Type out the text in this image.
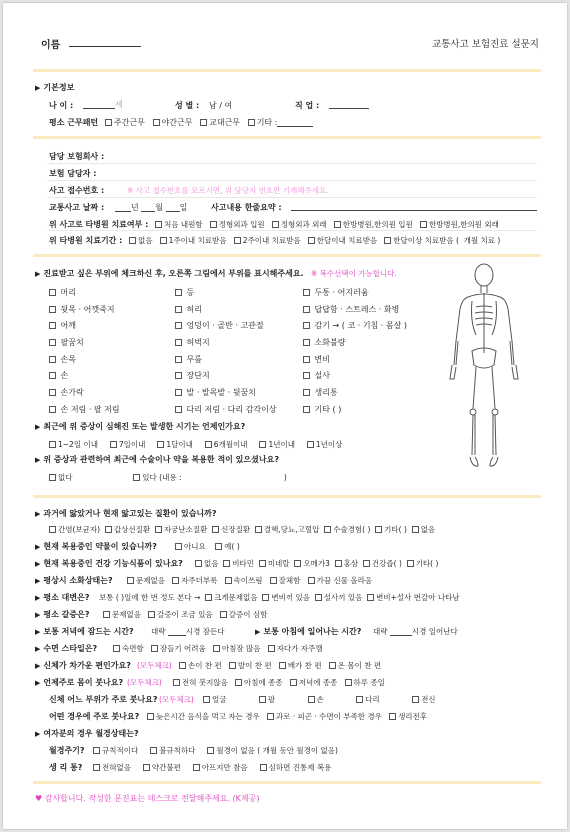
이름	교통사고 보험진료 설문지
▶ 기본정보
나 이 :	세	성 별 : 남 / 여	직 업 :
평소 근무패턴	주간근무 야간근무 교대근무 기타 :
담당 보험회사 :
보험 담당자 :
사고 접수번호 :	※ 사고 접수번호를 모르시면, 위 담당자 번호만 기재해주세요.
교통사고 날짜 :	년 월 일	사고내용 한줄요약 :
위 사고로 타병원 치료여부 :	처음 내원함 정형외과 입원 정형외과 외래 한방병원,한의원 입원 한방병원,한의원 외래
위 타병원 치료기간 :	없음 1주이내 치료받음 2주이내 치료받음 한달이내 치료받음 한달이상 치료받음 ( 개월 치료 )
▶ 진료받고 싶은 부위에 체크하신 후, 오른쪽 그림에서 부위를 표시해주세요. ※ 복수선택이 가능합니다.
머리
뒷목 · 어깻죽지
어깨
팔꿈치
손목
손
손가락
손 저림 · 팔 저림
등
허리
엉덩이 · 골반 · 고관절
허벅지
무릎
장단지
발 · 발목발 · 뒷꿈치
다리 저림 · 다리 감각이상
두통 · 어지러움
답답함 · 스트레스 · 화병
감기 → ( 코 · 기침 · 몸살 )
소화불량
변비
설사
생리통
기타 ( )
▶ 최근에 위 증상이 심해진 또는 발생한 시기는 언제인가요?
1~2일 이내	7일이내	1달이내	6개월이내	1년이내	1년이상
▶ 위 증상과 관련하여 최근에 수술이나 약을 복용한 적이 있으셨나요?
없다	있다 (내용 :	)
▶ 과거에 앓았거나 현재 앓고있는 질환이 있습니까?
간염(보균자) 갑상선질환 자궁난소질환 신장질환 결핵,당뇨,고혈압 수술경험( ) 기타( ) 없음
▶ 현재 복용중인 약물이 있습니까?	아니요 예( )
▶ 현재 복용중인 건강 기능식품이 있나요?	없음 비타민 미네랄 오메가3 홍삼 건강즙( ) 기타( )
▶ 평상시 소화상태는?	문제없음 자주더부룩 속이쓰림 잘체함 가끔 신물 올라옴
▶ 평소 대변은? 보통 ( )일에 한 번 정도 본다 → 크게문제없음 변비끼 있음 설사끼 있음 변비+설사 번갈아 나타남
▶ 평소 갈증은?	문제없음 갈증이 조금 있음 갈증이 심함
▶ 보통 저녁에 잠드는 시간? 대략	시경 잠든다
▶	보통 아침에 일어나는 시간? 대략	시경 일어난다
▶ 수면 스타일은?	숙면함 잠들기 어려움 아침잠 많음 자다가 자주깸
▶ 신체가 차가운 편인가요? (모두체크)	손이 찬 편 발이 찬 편 배가 찬 편 온 몸이 찬 편
▶ 언제주로 몸이 붓나요? (모두체크)	전혀 붓지않음 아침에 종종 저녁에 종종 하루 종일
신체 어느 부위가 주로 붓나요? (모두체크)	얼굴	팔	손	다리	전신
어떤 경우에 주로 붓나요?	늦은시간 음식을 먹고 자는 경우 과로 · 피곤 · 수면이 부족한 경우 생리전후
▶ 여자분의 경우 월경상태는?
월경주기?	규칙적이다	불규칙하다	월경이 없음 ( 개월 동안 월경이 없음)
생 리 통?	전혀없음	약간불편	아프지만 참음	심하면 진통제 복용
♥ 감사합니다. 작성한 문진표는 데스크로 전달해주세요. (K제공)
